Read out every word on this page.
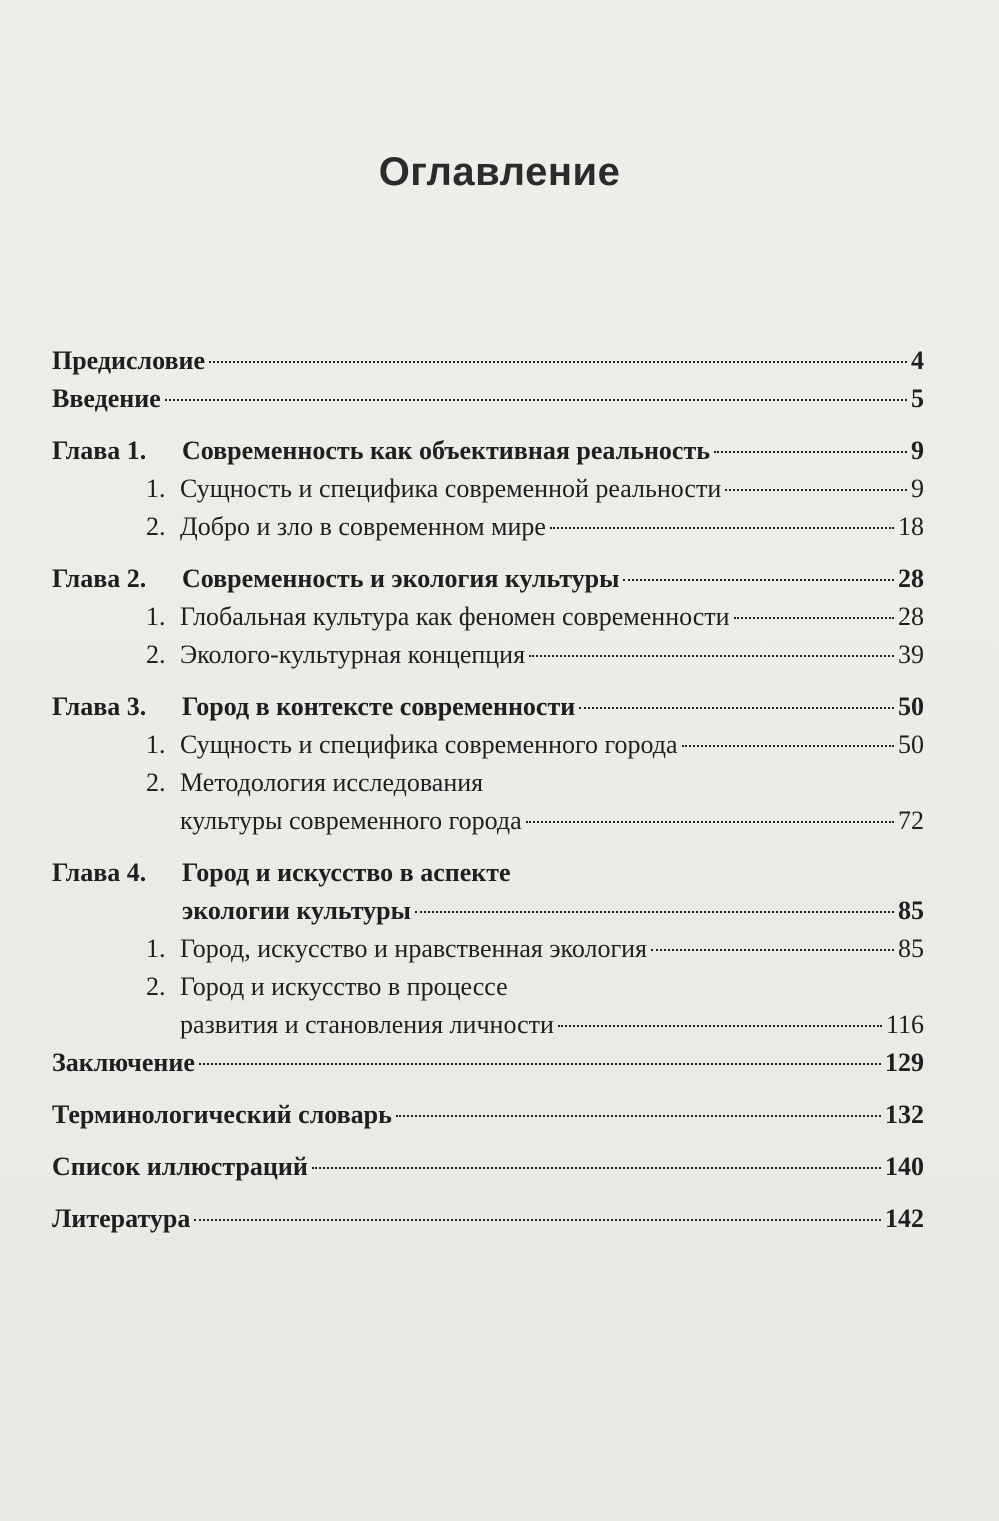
Оглавление
Предисловие	4
Введение	5
Глава 1.	Современность как объективная реальность	9
1. Сущность и специфика современной реальности	9
2. Добро и зло в современном мире	18
Глава 2.	Современность и экология культуры	28
1. Глобальная культура как феномен современности	28
2. Эколого-культурная концепция	39
Глава 3.	Город в контексте современности	50
1. Сущность и специфика современного города	50
2. Методология исследования
культуры современного города	72
Глава 4.	Город и искусство в аспекте
экологии культуры	85
1. Город, искусство и нравственная экология	85
2. Город и искусство в процессе
развития и становления личности	116
Заключение	129
Терминологический словарь	132
Список иллюстраций	140
Литература	142
